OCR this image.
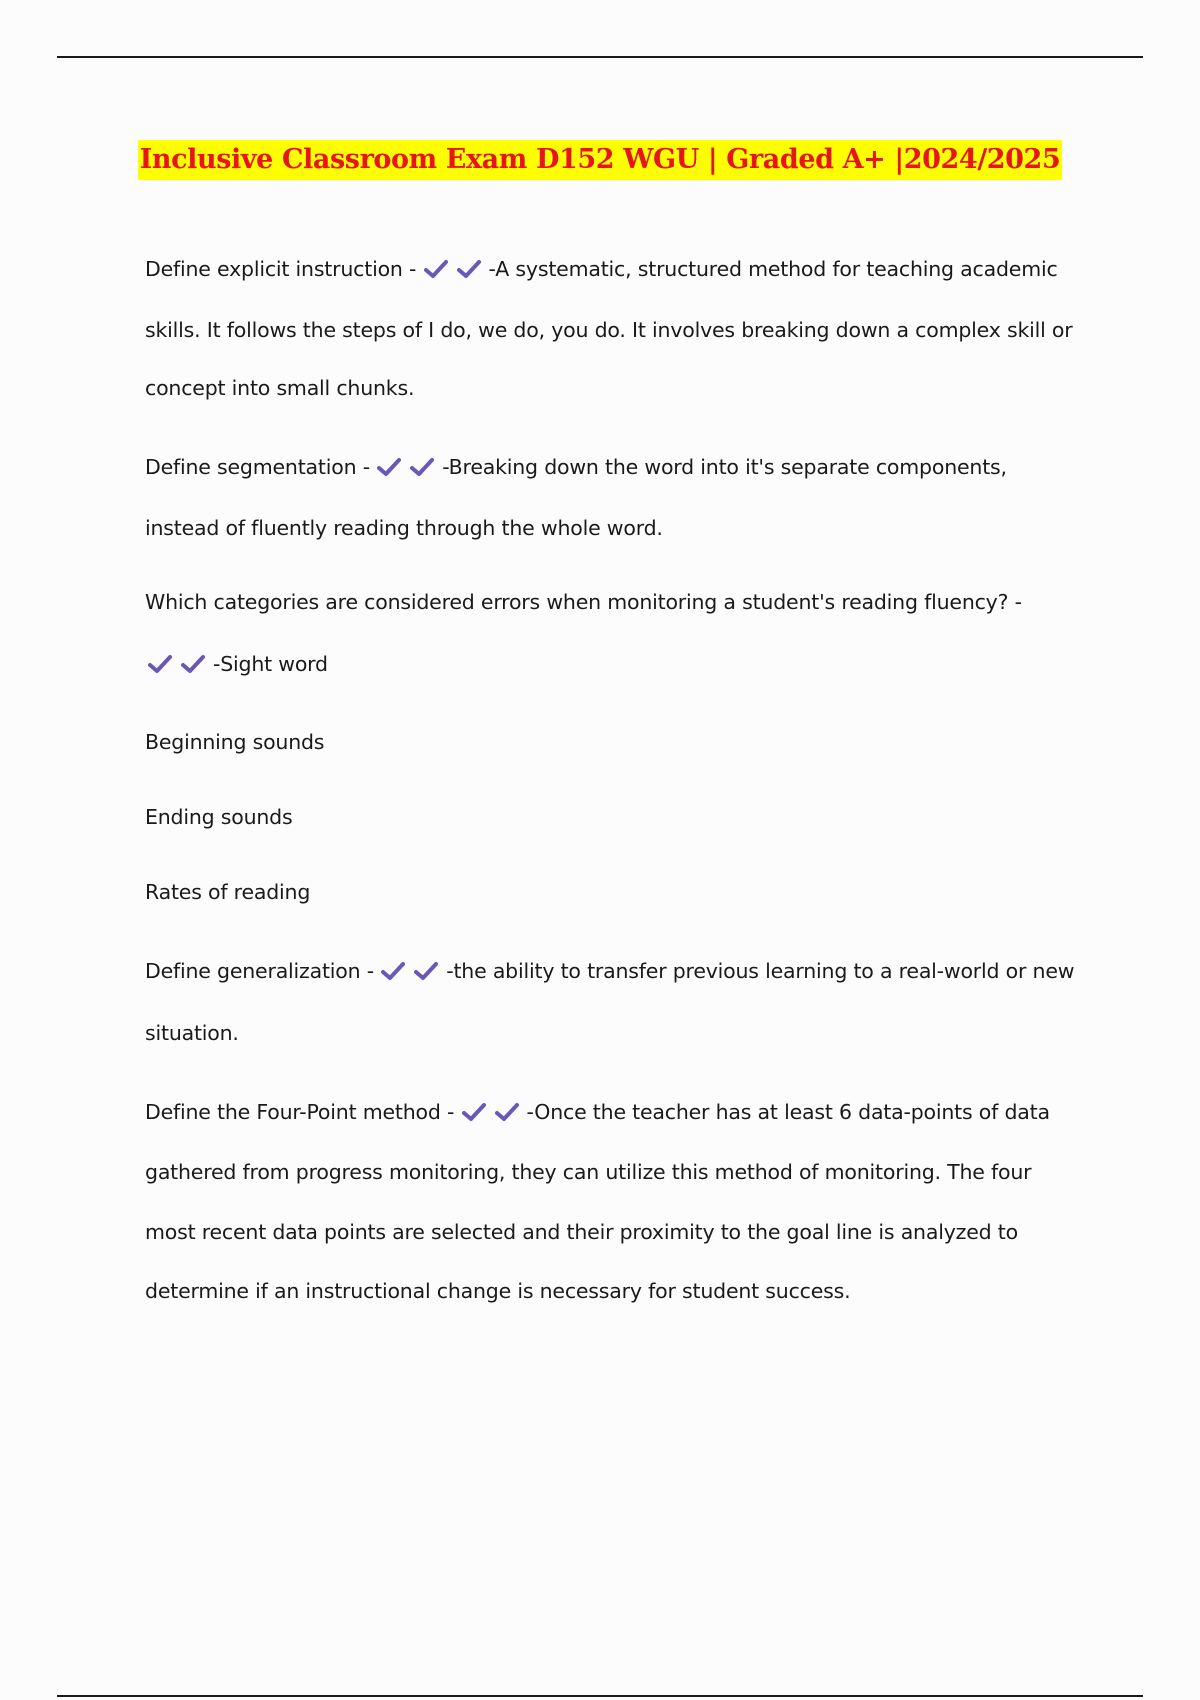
Inclusive Classroom Exam D152 WGU | Graded A+ |2024/2025
Define explicit instruction -	-A systematic, structured method for teaching academic
skills. It follows the steps of I do, we do, you do. It involves breaking down a complex skill or
concept into small chunks.
Define segmentation -	-Breaking down the word into it's separate components,
instead of fluently reading through the whole word.
Which categories are considered errors when monitoring a student's reading fluency? -
-Sight word
Beginning sounds
Ending sounds
Rates of reading
Define generalization -	-the ability to transfer previous learning to a real-world or new
situation.
Define the Four-Point method -	-Once the teacher has at least 6 data-points of data
gathered from progress monitoring, they can utilize this method of monitoring. The four
most recent data points are selected and their proximity to the goal line is analyzed to
determine if an instructional change is necessary for student success.
